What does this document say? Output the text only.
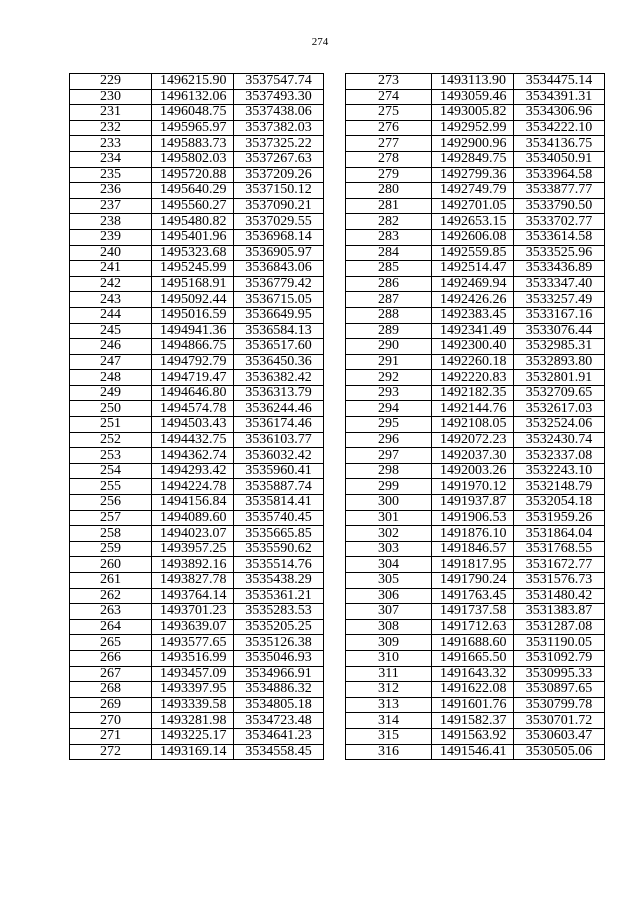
274
229	1496215.90	3537547.74
230	1496132.06	3537493.30
231	1496048.75	3537438.06
232	1495965.97	3537382.03
233	1495883.73	3537325.22
234	1495802.03	3537267.63
235	1495720.88	3537209.26
236	1495640.29	3537150.12
237	1495560.27	3537090.21
238	1495480.82	3537029.55
239	1495401.96	3536968.14
240	1495323.68	3536905.97
241	1495245.99	3536843.06
242	1495168.91	3536779.42
243	1495092.44	3536715.05
244	1495016.59	3536649.95
245	1494941.36	3536584.13
246	1494866.75	3536517.60
247	1494792.79	3536450.36
248	1494719.47	3536382.42
249	1494646.80	3536313.79
250	1494574.78	3536244.46
251	1494503.43	3536174.46
252	1494432.75	3536103.77
253	1494362.74	3536032.42
254	1494293.42	3535960.41
255	1494224.78	3535887.74
256	1494156.84	3535814.41
257	1494089.60	3535740.45
258	1494023.07	3535665.85
259	1493957.25	3535590.62
260	1493892.16	3535514.76
261	1493827.78	3535438.29
262	1493764.14	3535361.21
263	1493701.23	3535283.53
264	1493639.07	3535205.25
265	1493577.65	3535126.38
266	1493516.99	3535046.93
267	1493457.09	3534966.91
268	1493397.95	3534886.32
269	1493339.58	3534805.18
270	1493281.98	3534723.48
271	1493225.17	3534641.23
272	1493169.14	3534558.45
273	1493113.90	3534475.14
274	1493059.46	3534391.31
275	1493005.82	3534306.96
276	1492952.99	3534222.10
277	1492900.96	3534136.75
278	1492849.75	3534050.91
279	1492799.36	3533964.58
280	1492749.79	3533877.77
281	1492701.05	3533790.50
282	1492653.15	3533702.77
283	1492606.08	3533614.58
284	1492559.85	3533525.96
285	1492514.47	3533436.89
286	1492469.94	3533347.40
287	1492426.26	3533257.49
288	1492383.45	3533167.16
289	1492341.49	3533076.44
290	1492300.40	3532985.31
291	1492260.18	3532893.80
292	1492220.83	3532801.91
293	1492182.35	3532709.65
294	1492144.76	3532617.03
295	1492108.05	3532524.06
296	1492072.23	3532430.74
297	1492037.30	3532337.08
298	1492003.26	3532243.10
299	1491970.12	3532148.79
300	1491937.87	3532054.18
301	1491906.53	3531959.26
302	1491876.10	3531864.04
303	1491846.57	3531768.55
304	1491817.95	3531672.77
305	1491790.24	3531576.73
306	1491763.45	3531480.42
307	1491737.58	3531383.87
308	1491712.63	3531287.08
309	1491688.60	3531190.05
310	1491665.50	3531092.79
311	1491643.32	3530995.33
312	1491622.08	3530897.65
313	1491601.76	3530799.78
314	1491582.37	3530701.72
315	1491563.92	3530603.47
316	1491546.41	3530505.06
